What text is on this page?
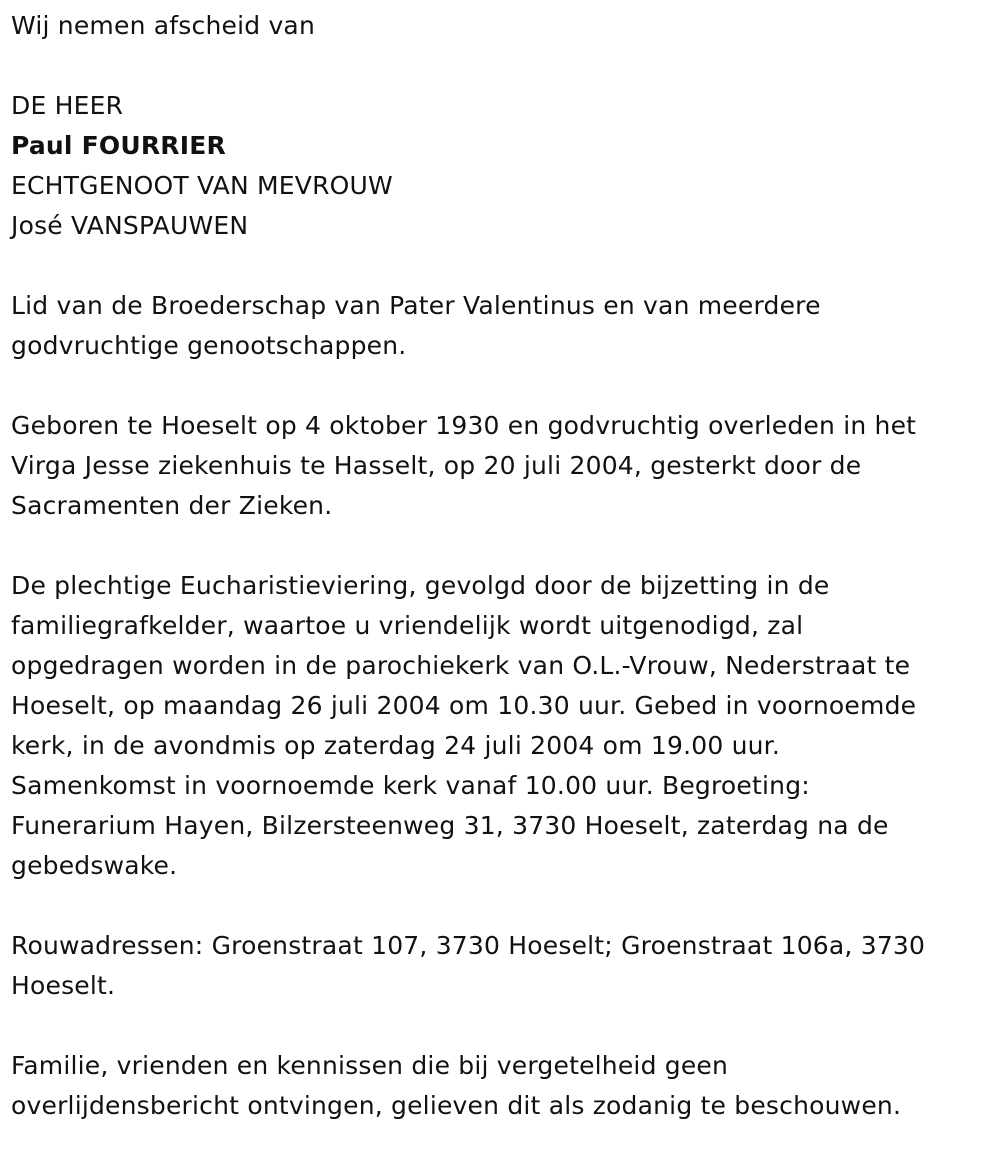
Wij nemen afscheid van
DE HEER
Paul FOURRIER
ECHTGENOOT VAN MEVROUW
José VANSPAUWEN
Lid van de Broederschap van Pater Valentinus en van meerdere
godvruchtige genootschappen.
Geboren te Hoeselt op 4 oktober 1930 en godvruchtig overleden in het
Virga Jesse ziekenhuis te Hasselt, op 20 juli 2004, gesterkt door de
Sacramenten der Zieken.
De plechtige Eucharistieviering, gevolgd door de bijzetting in de
familiegrafkelder, waartoe u vriendelijk wordt uitgenodigd, zal
opgedragen worden in de parochiekerk van O.L.-Vrouw, Nederstraat te
Hoeselt, op maandag 26 juli 2004 om 10.30 uur. Gebed in voornoemde
kerk, in de avondmis op zaterdag 24 juli 2004 om 19.00 uur.
Samenkomst in voornoemde kerk vanaf 10.00 uur. Begroeting:
Funerarium Hayen, Bilzersteenweg 31, 3730 Hoeselt, zaterdag na de
gebedswake.
Rouwadressen: Groenstraat 107, 3730 Hoeselt; Groenstraat 106a, 3730
Hoeselt.
Familie, vrienden en kennissen die bij vergetelheid geen
overlijdensbericht ontvingen, gelieven dit als zodanig te beschouwen.
